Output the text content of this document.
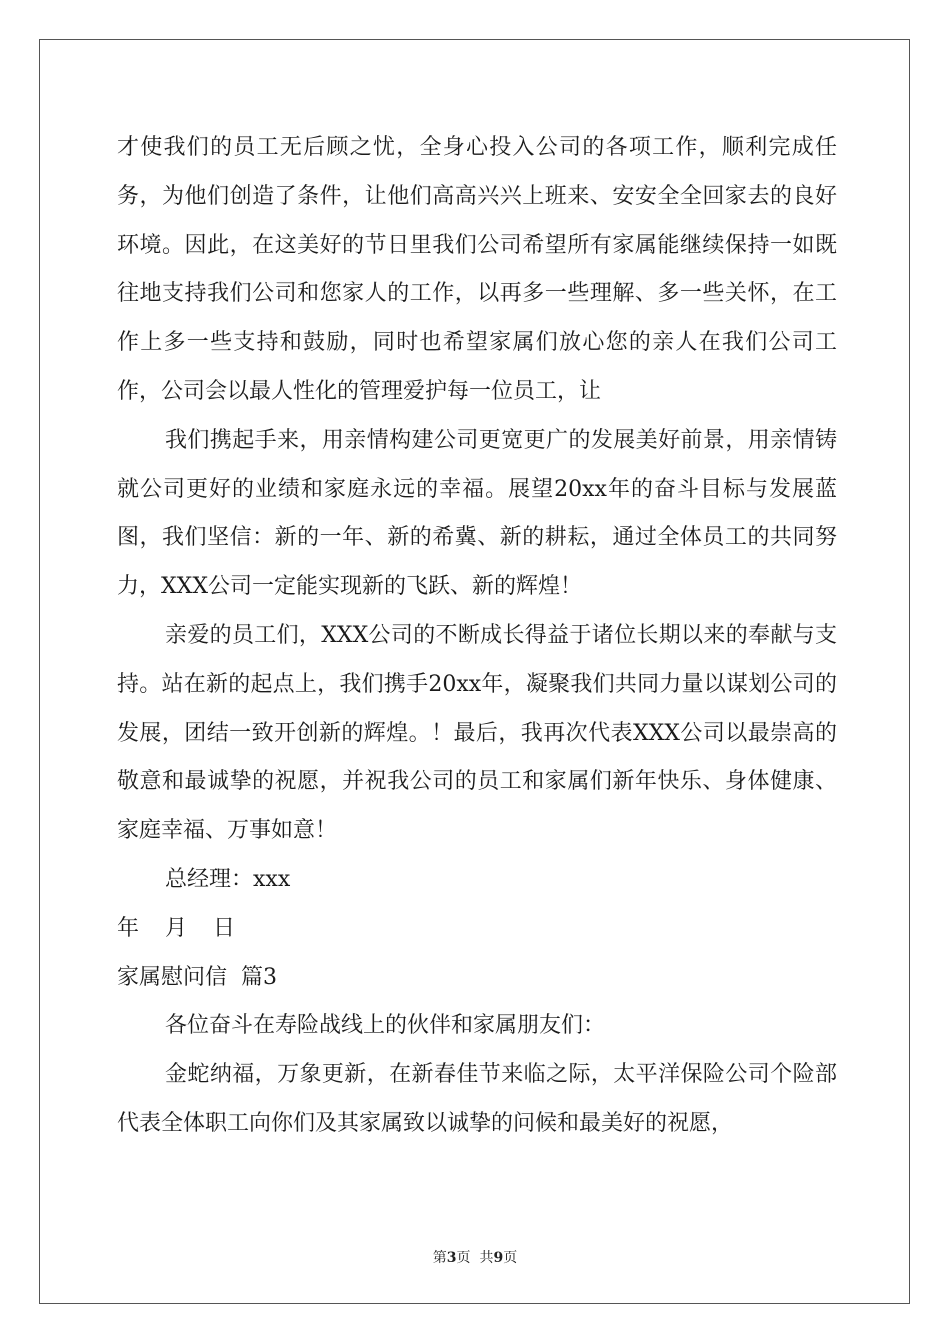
才使我们的员工无后顾之忧，全身心投入公司的各项工作，顺利完成任务，为他们创造了条件，让他们高高兴兴上班来、安安全全回家去的良好环境。因此，在这美好的节日里我们公司希望所有家属能继续保持一如既往地支持我们公司和您家人的工作，以再多一些理解、多一些关怀，在工作上多一些支持和鼓励，同时也希望家属们放心您的亲人在我们公司工作，公司会以最人性化的管理爱护每一位员工，让

我们携起手来，用亲情构建公司更宽更广的发展美好前景，用亲情铸就公司更好的业绩和家庭永远的幸福。展望20xx年的奋斗目标与发展蓝图，我们坚信：新的一年、新的希冀、新的耕耘，通过全体员工的共同努力，XXX公司一定能实现新的飞跃、新的辉煌！

亲爱的员工们，XXX公司的不断成长得益于诸位长期以来的奉献与支持。站在新的起点上，我们携手20xx年，凝聚我们共同力量以谋划公司的发展，团结一致开创新的辉煌。！最后，我再次代表XXX公司以最崇高的敬意和最诚挚的祝愿，并祝我公司的员工和家属们新年快乐、身体健康、家庭幸福、万事如意！

总经理：xxx

年 月 日

家属慰问信  篇3

各位奋斗在寿险战线上的伙伴和家属朋友们：

金蛇纳福，万象更新，在新春佳节来临之际，太平洋保险公司个险部代表全体职工向你们及其家属致以诚挚的问候和最美好的祝愿，

第3页  共9页
